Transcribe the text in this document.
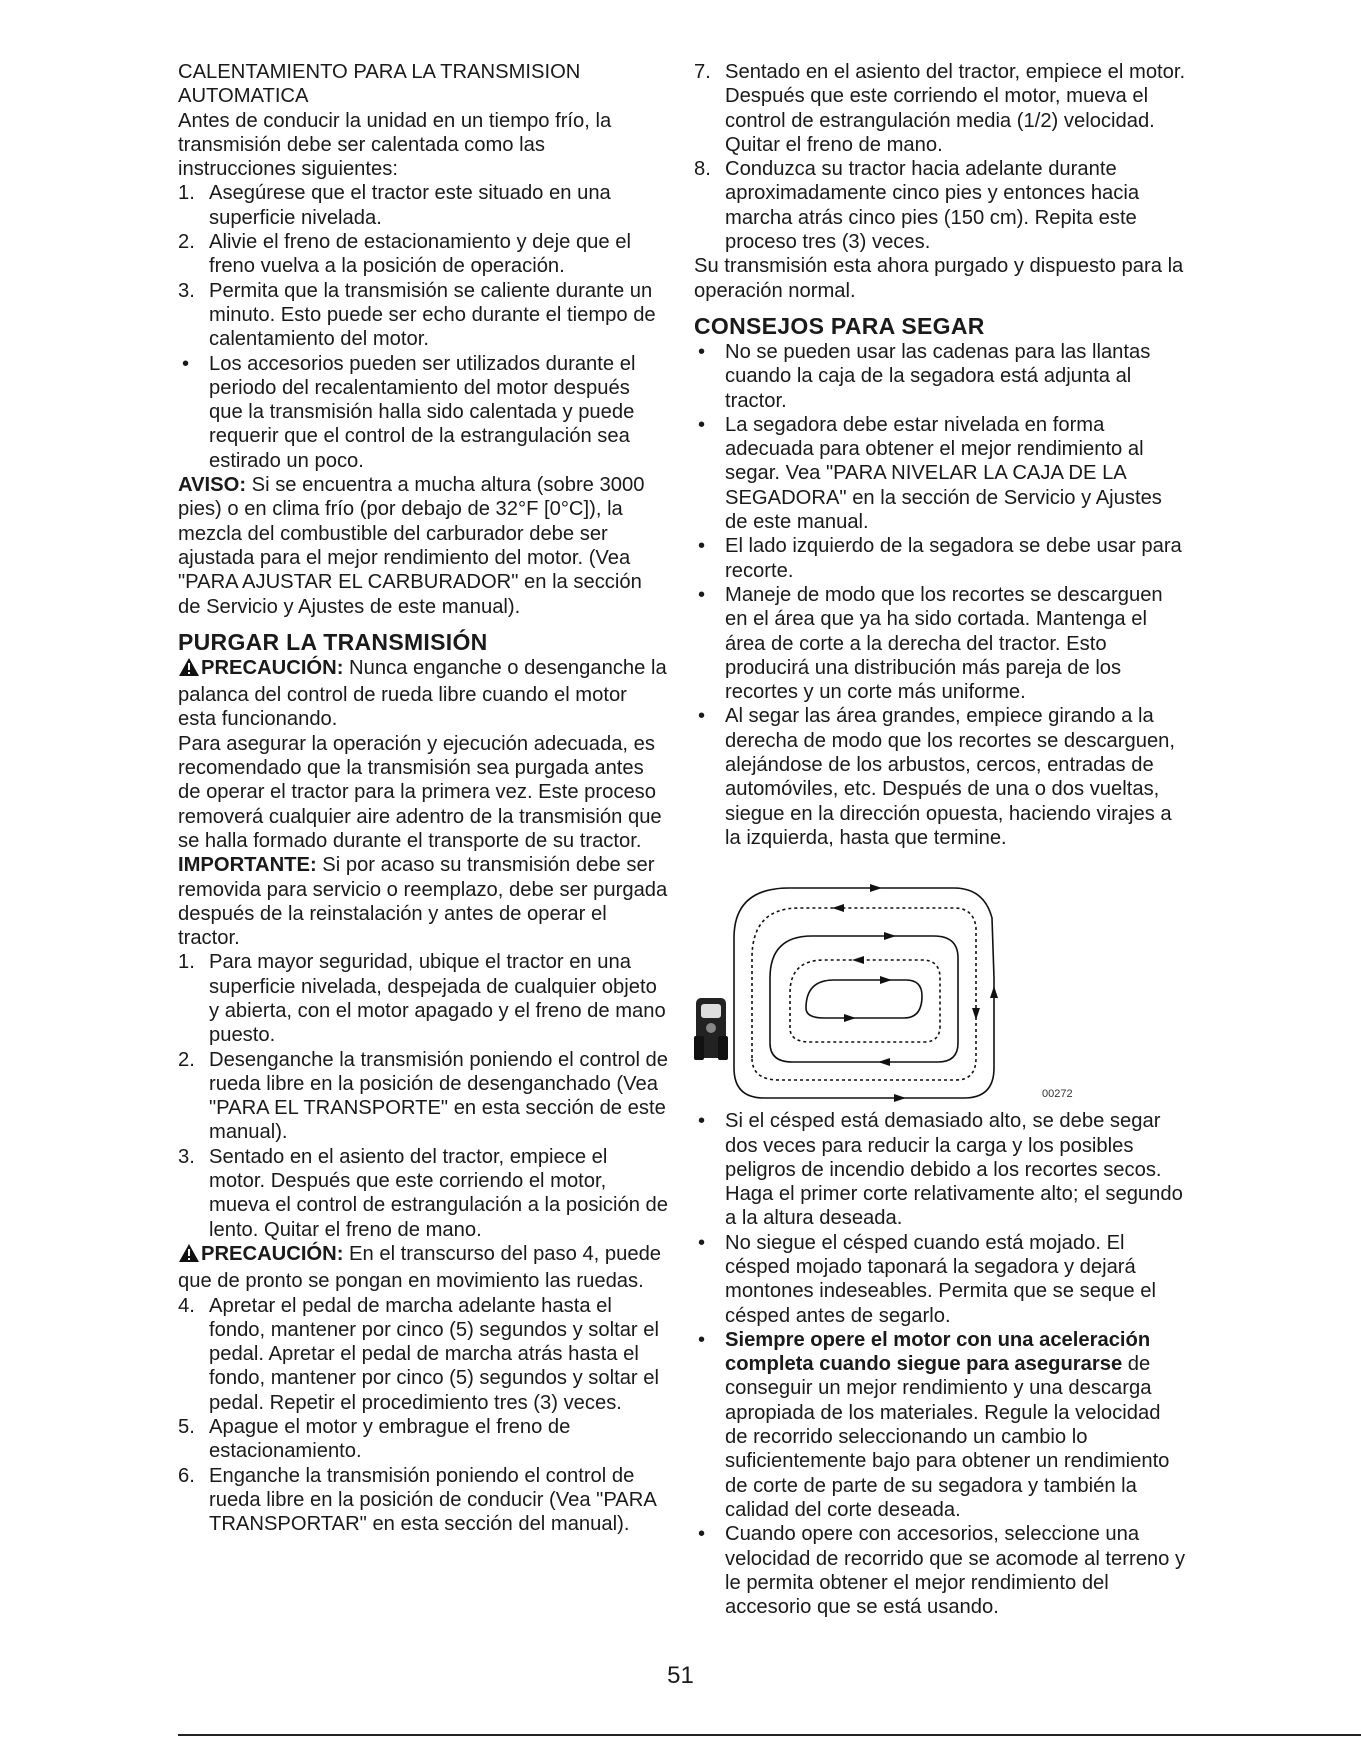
CALENTAMIENTO PARA LA TRANSMISION AUTOMATICA

Antes de conducir la unidad en un tiempo frío, la transmisión debe ser calentada como las instrucciones siguientes:

1. Asegúrese que el tractor este situado en una superficie nivelada.
2. Alivie el freno de estacionamiento y deje que el freno vuelva a la posición de operación.
3. Permita que la transmisión se caliente durante un minuto. Esto puede ser echo durante el tiempo de calentamiento del motor.
• Los accesorios pueden ser utilizados durante el periodo del recalentamiento del motor después que la transmisión halla sido calentada y puede requerir que el control de la estrangulación sea estirado un poco.

AVISO: Si se encuentra a mucha altura (sobre 3000 pies) o en clima frío (por debajo de 32°F [0°C]), la mezcla del combustible del carburador debe ser ajustada para el mejor rendimiento del motor. (Vea "PARA AJUSTAR EL CARBURADOR" en la sección de Servicio y Ajustes de este manual).

PURGAR LA TRANSMISIÓN

PRECAUCIÓN: Nunca enganche o desenganche la palanca del control de rueda libre cuando el motor esta funcionando.

Para asegurar la operación y ejecución adecuada, es recomendado que la transmisión sea purgada antes de operar el tractor para la primera vez. Este proceso removerá cualquier aire adentro de la transmisión que se halla formado durante el transporte de su tractor.

IMPORTANTE: Si por acaso su transmisión debe ser removida para servicio o reemplazo, debe ser purgada después de la reinstalación y antes de operar el tractor.

1. Para mayor seguridad, ubique el tractor en una superficie nivelada, despejada de cualquier objeto y abierta, con el motor apagado y el freno de mano puesto.
2. Desenganche la transmisión poniendo el control de rueda libre en la posición de desenganchado (Vea "PARA EL TRANSPORTE" en esta sección de este manual).
3. Sentado en el asiento del tractor, empiece el motor. Después que este corriendo el motor, mueva el control de estrangulación a la posición de lento. Quitar el freno de mano.

PRECAUCIÓN: En el transcurso del paso 4, puede que de pronto se pongan en movimiento las ruedas.

4. Apretar el pedal de marcha adelante hasta el fondo, mantener por cinco (5) segundos y soltar el pedal. Apretar el pedal de marcha atrás hasta el fondo, mantener por cinco (5) segundos y soltar el pedal. Repetir el procedimiento tres (3) veces.
5. Apague el motor y embrague el freno de estacionamiento.
6. Enganche la transmisión poniendo el control de rueda libre en la posición de conducir (Vea "PARA TRANSPORTAR" en esta sección del manual).
7. Sentado en el asiento del tractor, empiece el motor. Después que este corriendo el motor, mueva el control de estrangulación media (1/2) velocidad. Quitar el freno de mano.
8. Conduzca su tractor hacia adelante durante aproximadamente cinco pies y entonces hacia marcha atrás cinco pies (150 cm). Repita este proceso tres (3) veces.

Su transmisión esta ahora purgado y dispuesto para la operación normal.

CONSEJOS PARA SEGAR

• No se pueden usar las cadenas para las llantas cuando la caja de la segadora está adjunta al tractor.
• La segadora debe estar nivelada en forma adecuada para obtener el mejor rendimiento al segar. Vea "PARA NIVELAR LA CAJA DE LA SEGADORA" en la sección de Servicio y Ajustes de este manual.
• El lado izquierdo de la segadora se debe usar para recorte.
• Maneje de modo que los recortes se descarguen en el área que ya ha sido cortada. Mantenga el área de corte a la derecha del tractor. Esto producirá una distribución más pareja de los recortes y un corte más uniforme.
• Al segar las área grandes, empiece girando a la derecha de modo que los recortes se descarguen, alejándose de los arbustos, cercos, entradas de automóviles, etc. Después de una o dos vueltas, siegue en la dirección opuesta, haciendo virajes a la izquierda, hasta que termine.
00272
• Si el césped está demasiado alto, se debe segar dos veces para reducir la carga y los posibles peligros de incendio debido a los recortes secos. Haga el primer corte relativamente alto; el segundo a la altura deseada.
• No siegue el césped cuando está mojado. El césped mojado taponará la segadora y dejará montones indeseables. Permita que se seque el césped antes de segarlo.
• Siempre opere el motor con una aceleración completa cuando siegue para asegurarse de conseguir un mejor rendimiento y una descarga apropiada de los materiales. Regule la velocidad de recorrido seleccionando un cambio lo suficientemente bajo para obtener un rendimiento de corte de parte de su segadora y también la calidad del corte deseada.
• Cuando opere con accesorios, seleccione una velocidad de recorrido que se acomode al terreno y le permita obtener el mejor rendimiento del accesorio que se está usando.
51
